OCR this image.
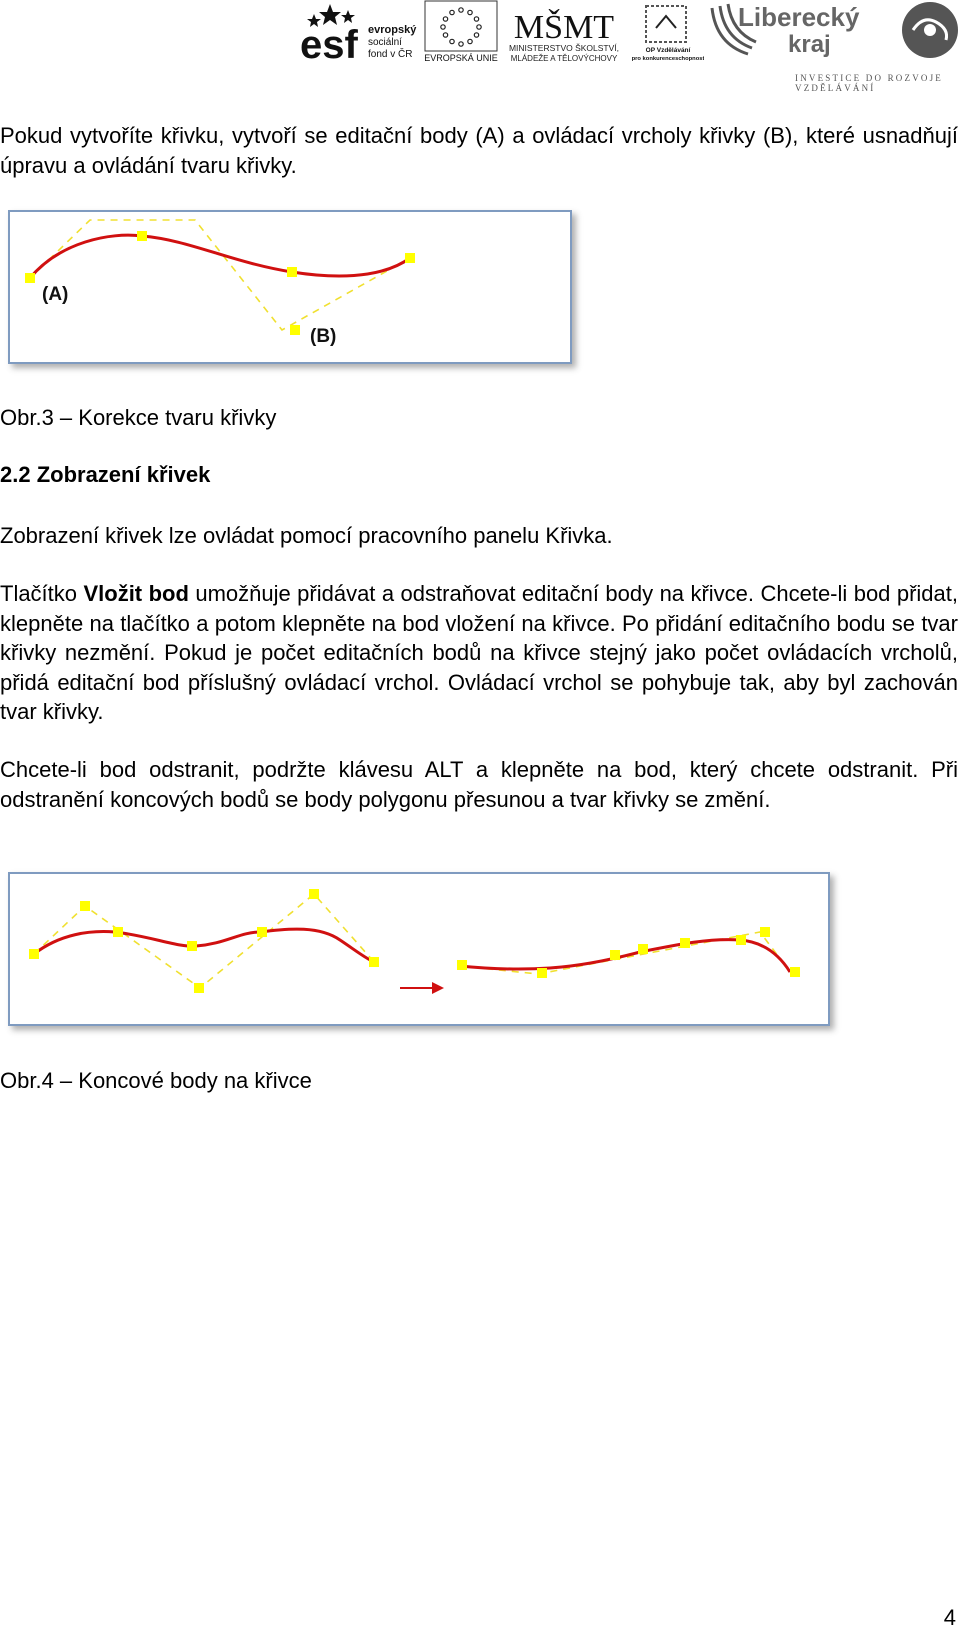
esf evropský
sociální
fond v ČR EVROPSKÁ UNIE
MŠMT
MINISTERSTVO ŠKOLSTVÍ,
MLÁDEŽE A TĚLOVÝCHOVY
OP Vzdělávání
pro konkurenceschopnost
Liberecký
kraj
INVESTICE DO ROZVOJE VZDĚLÁVÁNÍ

Pokud vytvoříte křivku, vytvoří se editační body (A) a ovládací vrcholy křivky (B), které usnadňují úpravu a ovládání tvaru křivky.

(A)
(B)

Obr.3 – Korekce tvaru křivky

2.2 Zobrazení křivek

Zobrazení křivek lze ovládat pomocí pracovního panelu Křivka.

Tlačítko Vložit bod umožňuje přidávat a odstraňovat editační body na křivce. Chcete-li bod přidat, klepněte na tlačítko a potom klepněte na bod vložení na křivce. Po přidání editačního bodu se tvar křivky nezmění. Pokud je počet editačních bodů na křivce stejný jako počet ovládacích vrcholů, přidá editační bod příslušný ovládací vrchol. Ovládací vrchol se pohybuje tak, aby byl zachován tvar křivky.

Chcete-li bod odstranit, podržte klávesu ALT a klepněte na bod, který chcete odstranit. Při odstranění koncových bodů se body polygonu přesunou a tvar křivky se změní.

Obr.4 – Koncové body na křivce

4
